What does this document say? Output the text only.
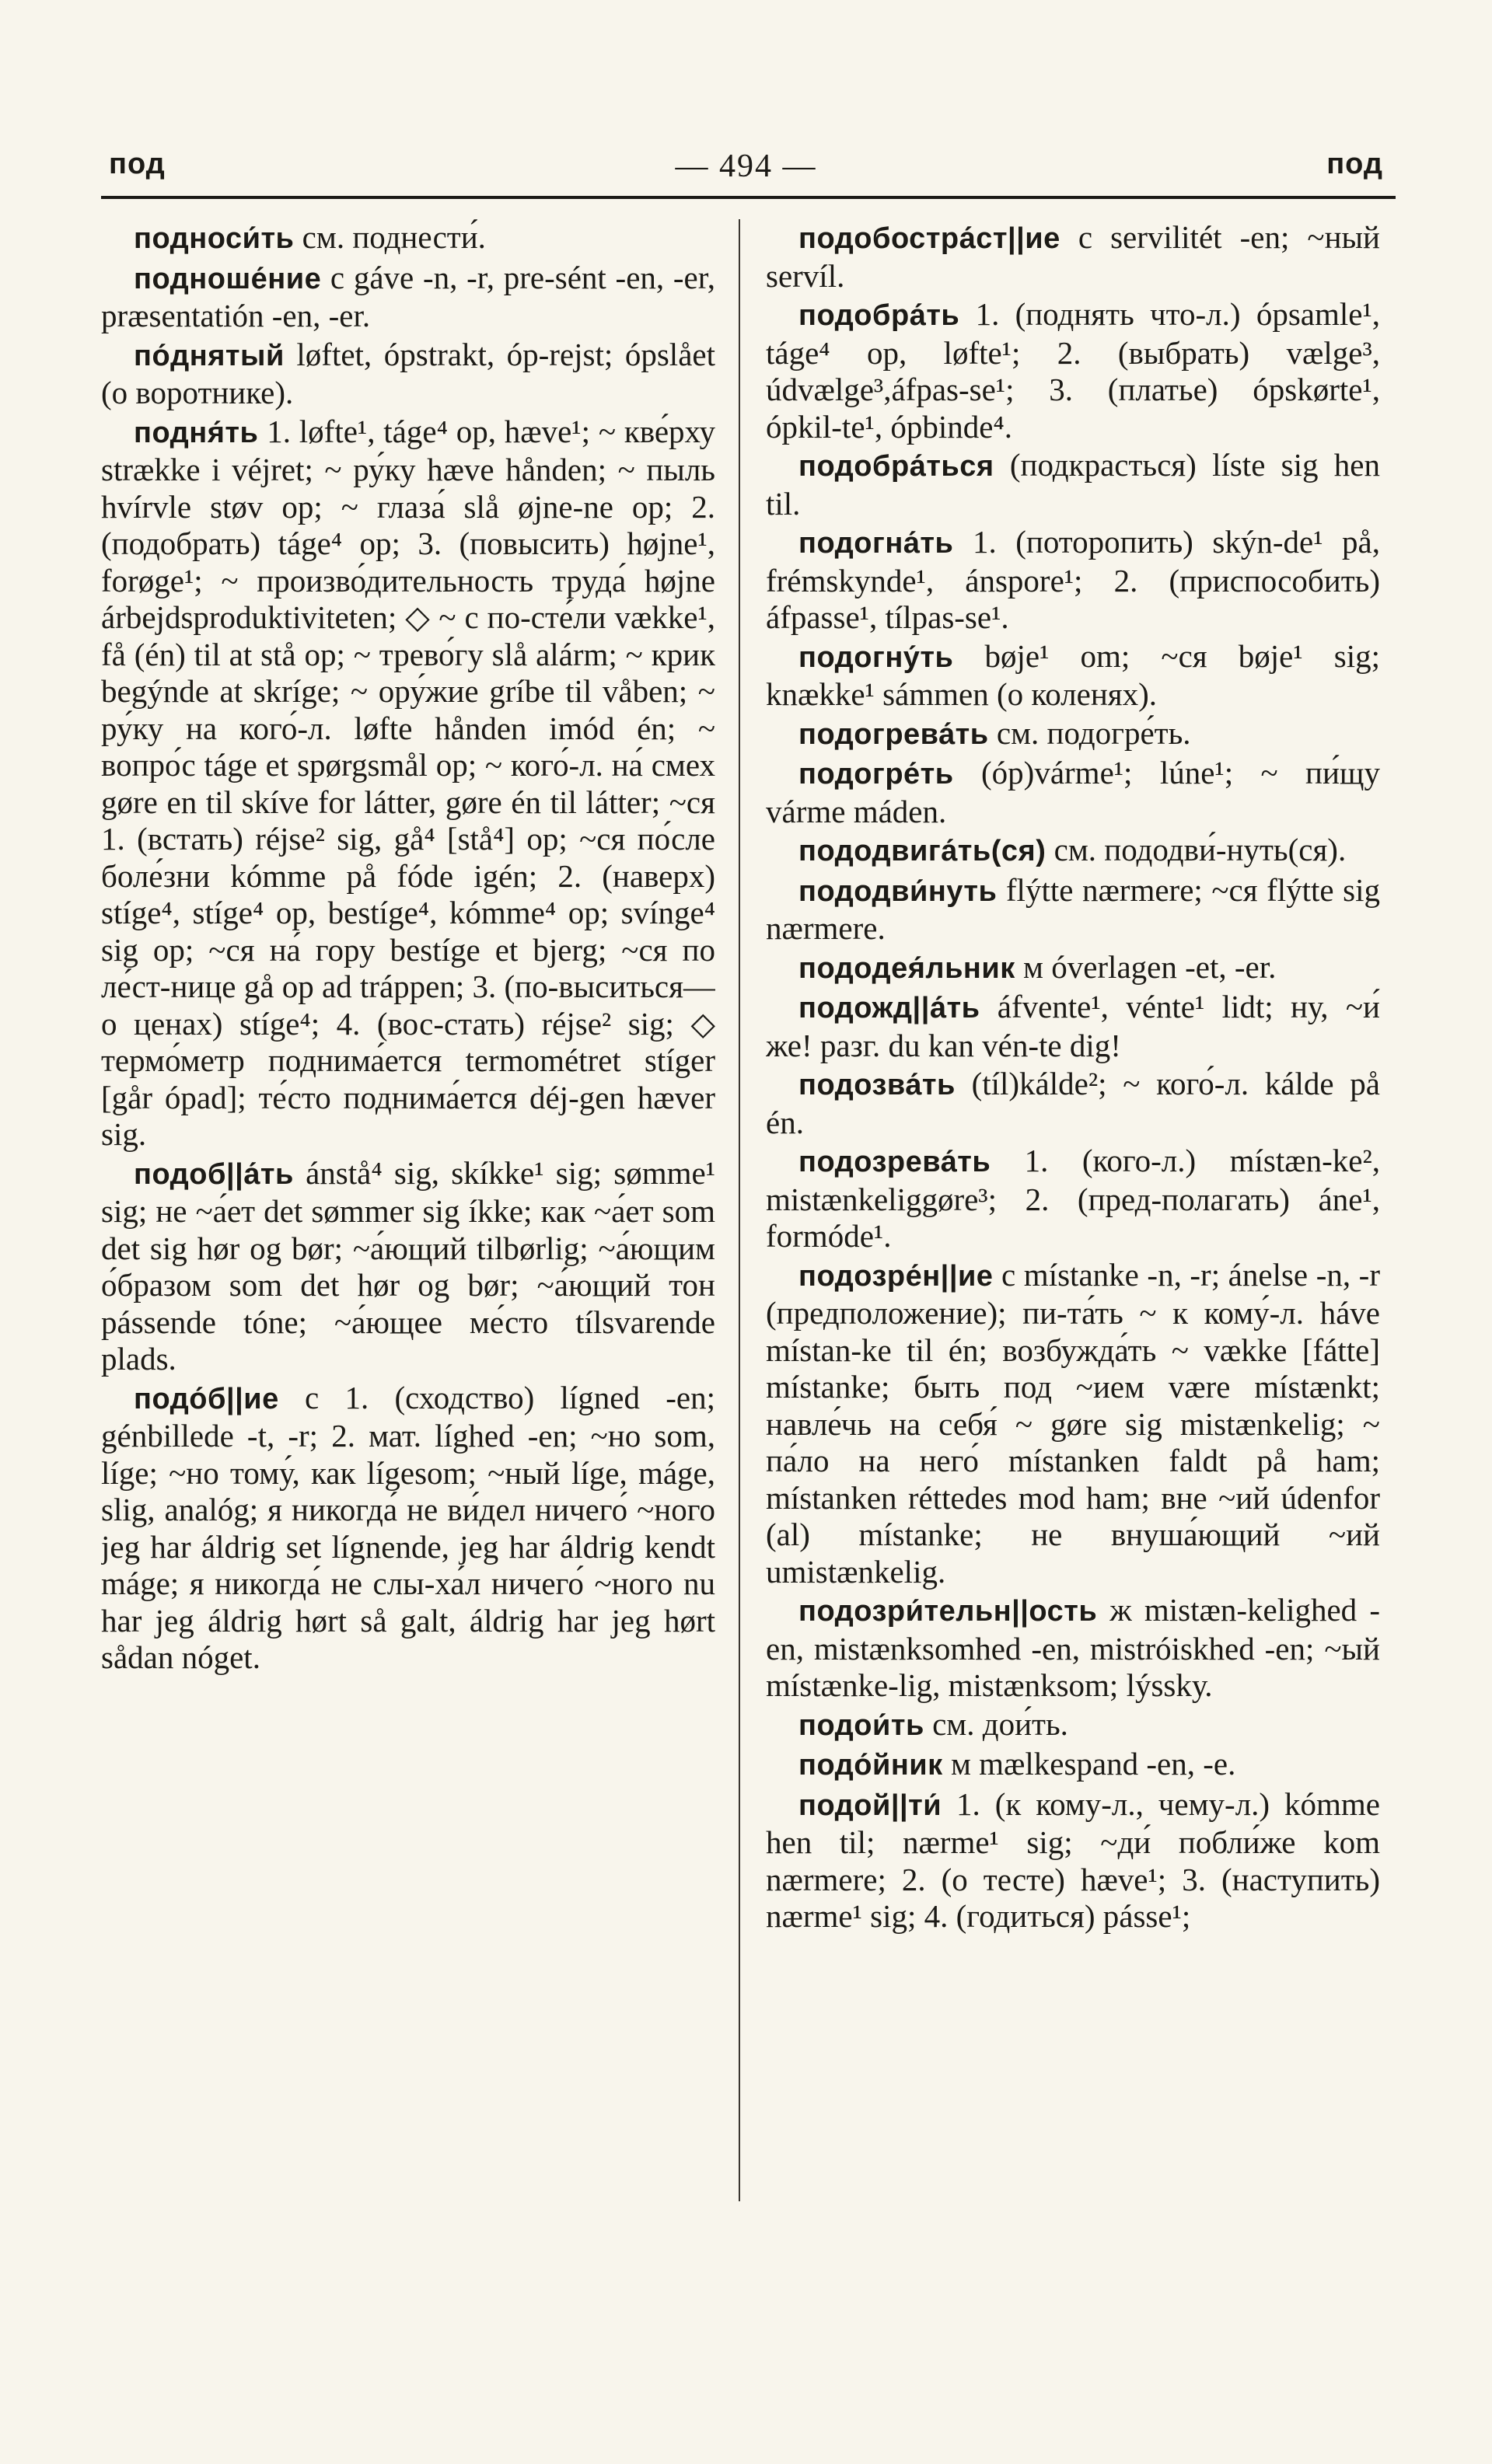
под	— 494 —	под

подноси́ть см. поднести́.

подноше́ние с gáve -n, -r, pre-sént -en, -er, præsentatión -en, -er.

по́днятый løftet, ópstrakt, óp-rejst; ópslået (о воротнике).

подня́ть 1. løfte¹, táge⁴ op, hæve¹; ~ кве́рху strække i véjret; ~ ру́ку hæve hånden; ~ пыль hvírvle støv op; ~ глаза́ slå øjne-ne op; 2. (подобрать) táge⁴ op; 3. (повысить) højne¹, forøge¹; ~ произво́дительность труда́ højne árbejdsproduktiviteten; ◇ ~ с по-сте́ли vække¹, få (én) til at stå op; ~ трево́гу slå alárm; ~ крик begýnde at skríge; ~ ору́жие gríbe til våben; ~ ру́ку на кого́-л. løfte hånden imód én; ~ вопро́с táge et spørgsmål op; ~ кого́-л. на́ смех gøre en til skíve for látter, gøre én til látter; ~ся 1. (встать) réjse² sig, gå⁴ [stå⁴] op; ~ся по́сле боле́зни kómme på fóde igén; 2. (наверх) stíge⁴, stíge⁴ op, bestíge⁴, kómme⁴ op; svínge⁴ sig op; ~ся на́ гору bestíge et bjerg; ~ся по ле́ст-нице gå op ad tráppen; 3. (по-выситься—о ценах) stíge⁴; 4. (вос-стать) réjse² sig; ◇ термо́метр поднима́ется termométret stíger [går ópad]; те́сто поднима́ется déj-gen hæver sig.

подоб||а́ть ánstå⁴ sig, skíkke¹ sig; sømme¹ sig; не ~а́ет det sømmer sig íkke; как ~а́ет som det sig hør og bør; ~а́ющий tilbørlig; ~а́ющим о́бразом som det hør og bør; ~а́ющий тон pássende tóne; ~а́ющее ме́сто tílsvarende plads.

подо́б||ие с 1. (сходство) lígned -en; génbillede -t, -r; 2. мат. líghed -en; ~но som, líge; ~но тому́, как lígesom; ~ный líge, máge, slig, analóg; я никогда́ не ви́дел ничего́ ~ного jeg har áldrig set lígnende, jeg har áldrig kendt máge; я никогда́ не слы-ха́л ничего́ ~ного nu har jeg áldrig hørt så galt, áldrig har jeg hørt sådan nóget.

подобостра́ст||ие с servilitét -en; ~ный servíl.

подобра́ть 1. (поднять что-л.) ópsamle¹, táge⁴ op, løfte¹; 2. (выбрать) vælge³, údvælge³,áfpas-se¹; 3. (платье) ópskørte¹, ópkil-te¹, ópbinde⁴.

подобра́ться (подкрасться) líste sig hen til.

подогна́ть 1. (поторопить) skýn-de¹ på, frémskynde¹, ánspore¹; 2. (приспособить) áfpasse¹, tílpas-se¹.

подогну́ть bøje¹ om; ~ся bøje¹ sig; knække¹ sámmen (о коленях).

подогрева́ть см. подогре́ть.

подогре́ть (óp)várme¹; lúne¹; ~ пи́щу várme máden.

пододвига́ть(ся) см. пододви́-нуть(ся).

пододви́нуть flýtte nærmere; ~ся flýtte sig nærmere.

пододея́льник м óverlagen -et, -er.

подожд||а́ть áfvente¹, vénte¹ lidt; ну, ~и́ же! разг. du kan vén-te dig!

подозва́ть (tíl)kálde²; ~ кого́-л. kálde på én.

подозрева́ть 1. (кого-л.) místæn-ke², mistænkeliggøre³; 2. (пред-полагать) áne¹, formóde¹.

подозре́н||ие с místanke -n, -r; ánelse -n, -r (предположение); пи-та́ть ~ к кому́-л. háve místan-ke til én; возбужда́ть ~ vække [fátte] místanke; быть под ~ием være místænkt; навле́чь на себя́ ~ gøre sig mistænkelig; ~ па́ло на него́ místanken faldt på ham; místanken réttedes mod ham; вне ~ий údenfor (al) místanke; не внуша́ющий ~ий umistænkelig.

подозри́тельн||ость ж mistæn-kelighed -en, mistænksomhed -en, mistróiskhed -en; ~ый místænke-lig, mistænksom; lýsskу.

подои́ть см. дои́ть.

подо́йник м mælkespand -en, -e.

подой||ти́ 1. (к кому-л., чему-л.) kómme hen til; nærme¹ sig; ~ди́ побли́же kom nærmere; 2. (о тесте) hæve¹; 3. (наступить) nærme¹ sig; 4. (годиться) pásse¹;
